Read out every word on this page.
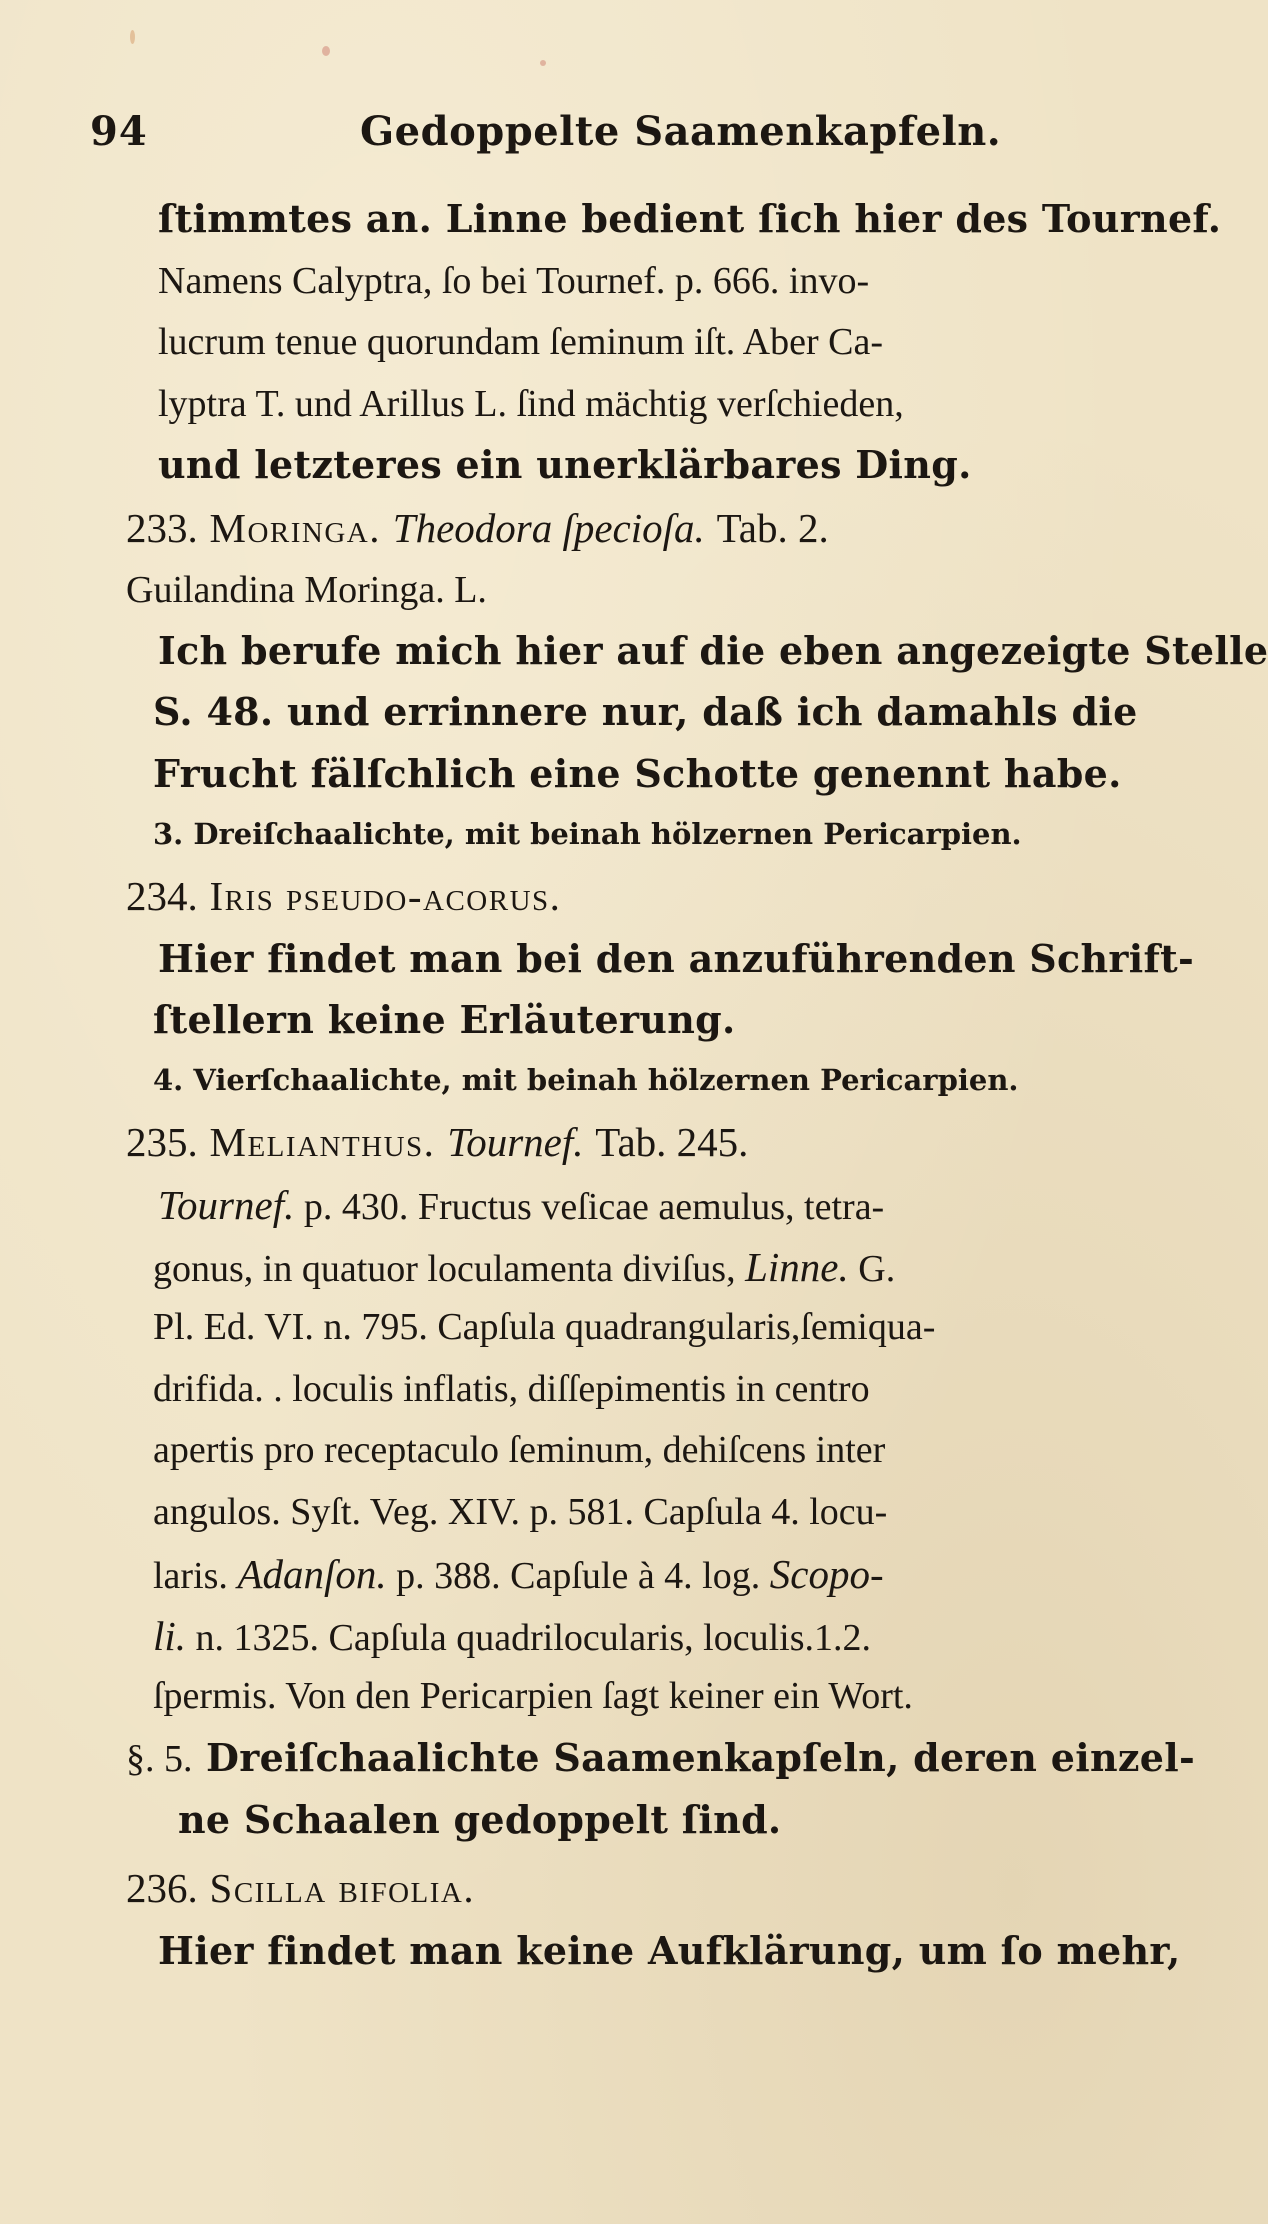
94	Gedoppelte Saamenkapfeln.
ſtimmtes an. Linne bedient ſich hier des Tournef.
Namens Calyptra, ſo bei Tournef. p. 666. invo-
lucrum tenue quorundam ſeminum iſt. Aber Ca-
lyptra T. und Arillus L. ſind mächtig verſchieden,
und letzteres ein unerklärbares Ding.
233. Moringa. Theodora ſpecioſa. Tab. 2.
Guilandina Moringa. L.
Ich berufe mich hier auf die eben angezeigte Stelle
S. 48. und errinnere nur, daß ich damahls die
Frucht fälſchlich eine Schotte genennt habe.
3. Dreiſchaalichte, mit beinah hölzernen Pericarpien.
234. Iris pseudo-acorus.
Hier findet man bei den anzuführenden Schrift-
ſtellern keine Erläuterung.
4. Vierſchaalichte, mit beinah hölzernen Pericarpien.
235. Melianthus. Tournef. Tab. 245.
Tournef. p. 430. Fructus veſicae aemulus, tetra-
gonus, in quatuor loculamenta diviſus, Linne. G.
Pl. Ed. VI. n. 795. Capſula quadrangularis,ſemiqua-
drifida. . loculis inflatis, diſſepimentis in centro
apertis pro receptaculo ſeminum, dehiſcens inter
angulos. Syſt. Veg. XIV. p. 581. Capſula 4. locu-
laris. Adanſon. p. 388. Capſule à 4. log. Scopo-
li. n. 1325. Capſula quadrilocularis, loculis.1.2.
ſpermis. Von den Pericarpien ſagt keiner ein Wort.
§. 5. Dreiſchaalichte Saamenkapſeln, deren einzel-
ne Schaalen gedoppelt ſind.
236. Scilla bifolia.
Hier findet man keine Aufklärung, um ſo mehr,
